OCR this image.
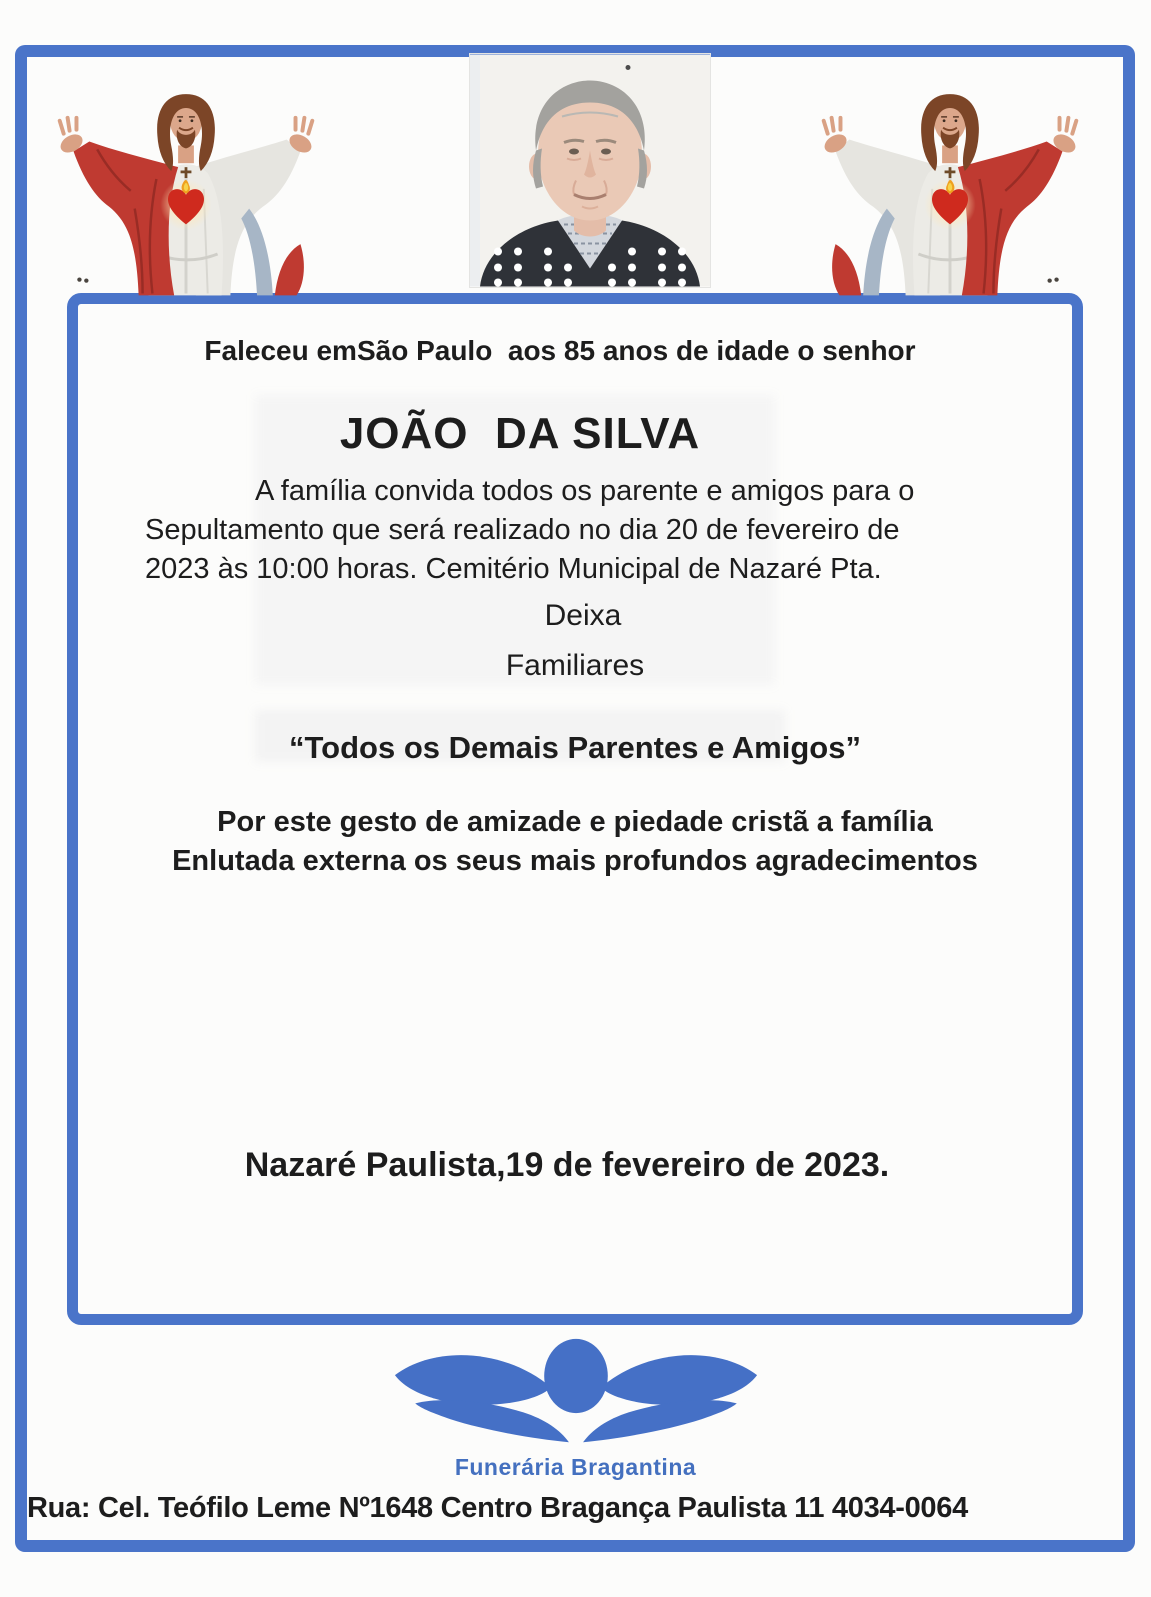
Faleceu emSão Paulo  aos 85 anos de idade o senhor
JOÃO  DA SILVA
A família convida todos os parente e amigos para o
Sepultamento que será realizado no dia 20 de fevereiro de
2023 às 10:00 horas. Cemitério Municipal de Nazaré Pta.
Deixa
Familiares
“Todos os Demais Parentes e Amigos”
Por este gesto de amizade e piedade cristã a família
Enlutada externa os seus mais profundos agradecimentos
Nazaré Paulista,19 de fevereiro de 2023.
Funerária Bragantina
Rua: Cel. Teófilo Leme Nº1648 Centro Bragança Paulista 11 4034-0064
